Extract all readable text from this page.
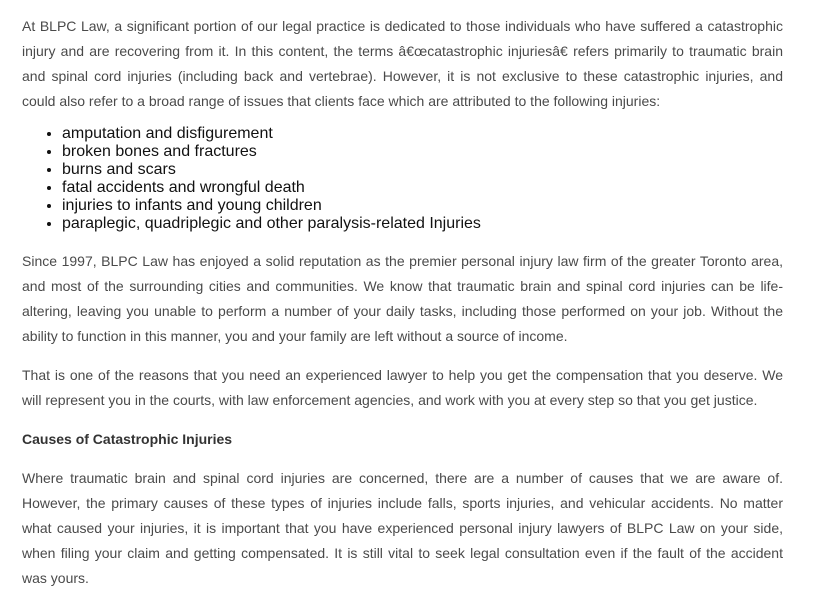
At BLPC Law, a significant portion of our legal practice is dedicated to those individuals who have suffered a catastrophic injury and are recovering from it. In this content, the terms â€œcatastrophic injuriesâ€ refers primarily to traumatic brain and spinal cord injuries (including back and vertebrae). However, it is not exclusive to these catastrophic injuries, and could also refer to a broad range of issues that clients face which are attributed to the following injuries:

• amputation and disfigurement
• broken bones and fractures
• burns and scars
• fatal accidents and wrongful death
• injuries to infants and young children
• paraplegic, quadriplegic and other paralysis-related Injuries

Since 1997, BLPC Law has enjoyed a solid reputation as the premier personal injury law firm of the greater Toronto area, and most of the surrounding cities and communities. We know that traumatic brain and spinal cord injuries can be life-altering, leaving you unable to perform a number of your daily tasks, including those performed on your job. Without the ability to function in this manner, you and your family are left without a source of income.

That is one of the reasons that you need an experienced lawyer to help you get the compensation that you deserve. We will represent you in the courts, with law enforcement agencies, and work with you at every step so that you get justice.

Causes of Catastrophic Injuries

Where traumatic brain and spinal cord injuries are concerned, there are a number of causes that we are aware of. However, the primary causes of these types of injuries include falls, sports injuries, and vehicular accidents. No matter what caused your injuries, it is important that you have experienced personal injury lawyers of BLPC Law on your side, when filing your claim and getting compensated. It is still vital to seek legal consultation even if the fault of the accident was yours.
